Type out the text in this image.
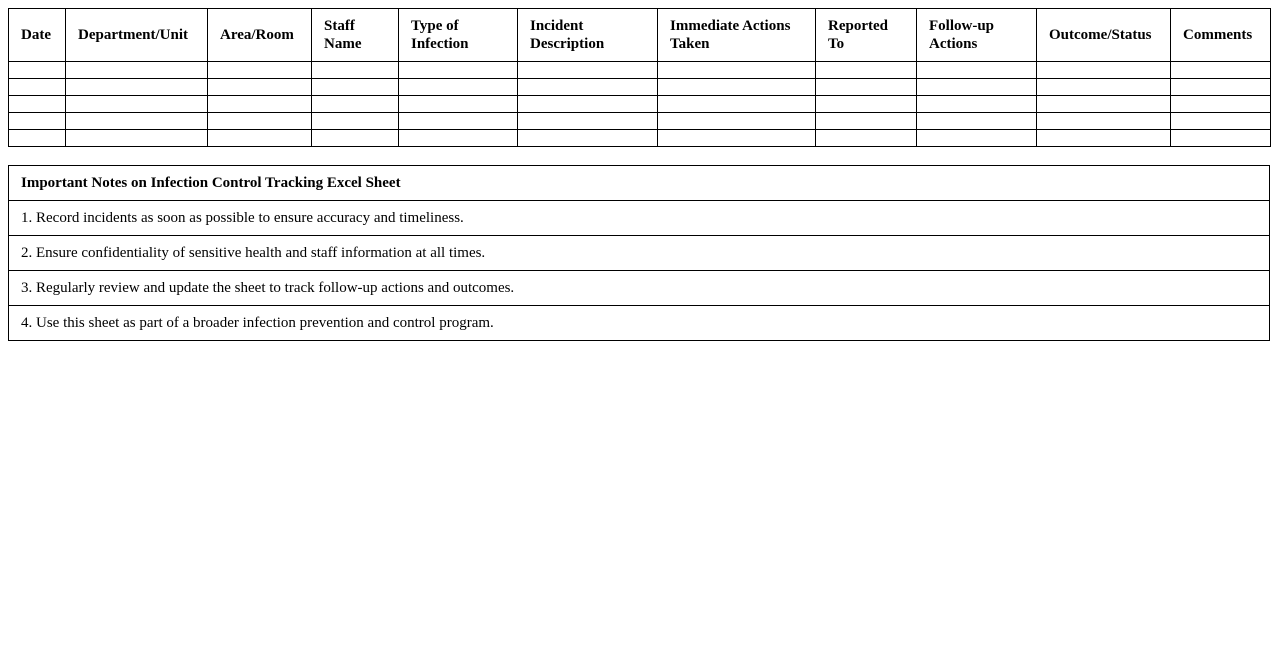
Date	Department/Unit	Area/Room	Staff Name	Type of Infection	Incident Description	Immediate Actions Taken	Reported To	Follow-up Actions	Outcome/Status	Comments

Important Notes on Infection Control Tracking Excel Sheet
1. Record incidents as soon as possible to ensure accuracy and timeliness.
2. Ensure confidentiality of sensitive health and staff information at all times.
3. Regularly review and update the sheet to track follow-up actions and outcomes.
4. Use this sheet as part of a broader infection prevention and control program.
